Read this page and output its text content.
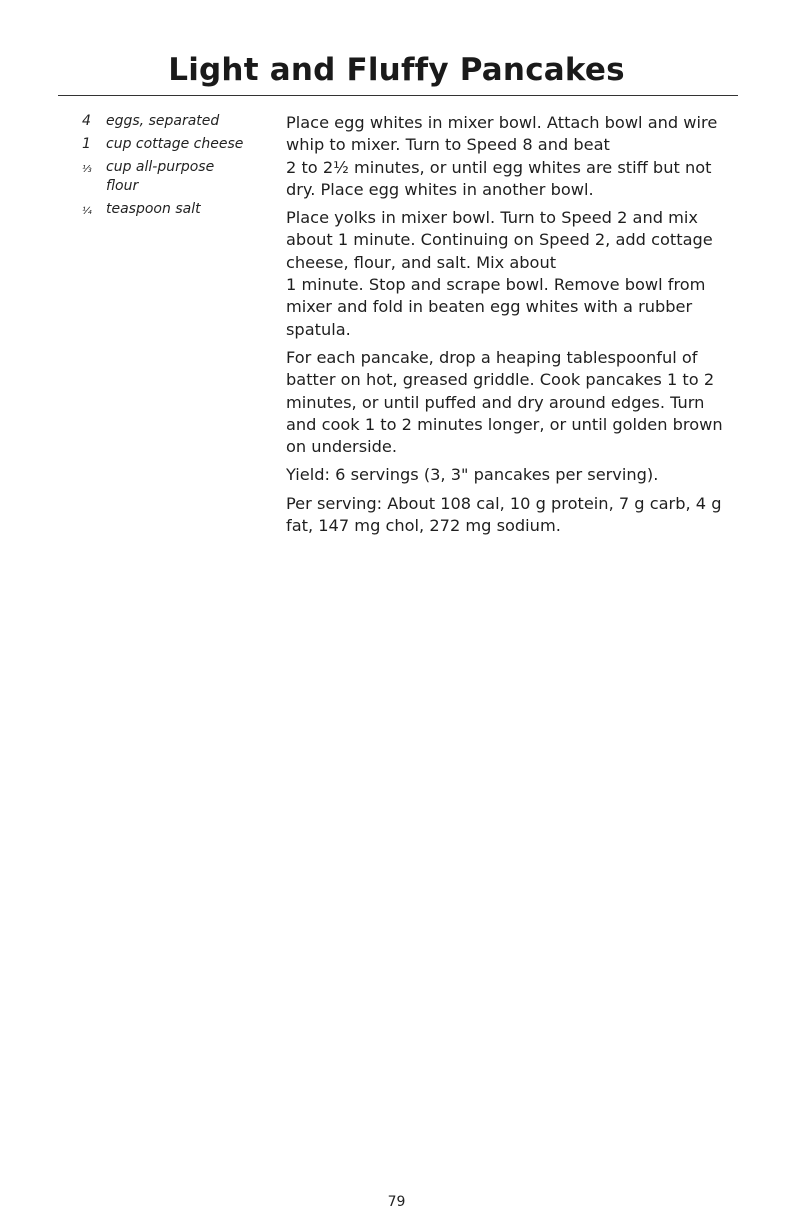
Light and Fluffy Pancakes
4	eggs, separated
1	cup cottage cheese
⅓	cup all-purpose flour
¼	teaspoon salt

Place egg whites in mixer bowl. Attach bowl and wire whip to mixer. Turn to Speed 8 and beat
2 to 2½ minutes, or until egg whites are stiff but not dry. Place egg whites in another bowl.

Place yolks in mixer bowl. Turn to Speed 2 and mix about 1 minute. Continuing on Speed 2, add cottage cheese, flour, and salt. Mix about
1 minute. Stop and scrape bowl. Remove bowl from mixer and fold in beaten egg whites with a rubber spatula.

For each pancake, drop a heaping tablespoonful of batter on hot, greased griddle. Cook pancakes 1 to 2 minutes, or until puffed and dry around edges. Turn and cook 1 to 2 minutes longer, or until golden brown on underside.

Yield: 6 servings (3, 3" pancakes per serving).

Per serving: About 108 cal, 10 g protein, 7 g carb, 4 g fat, 147 mg chol, 272 mg sodium.

79
